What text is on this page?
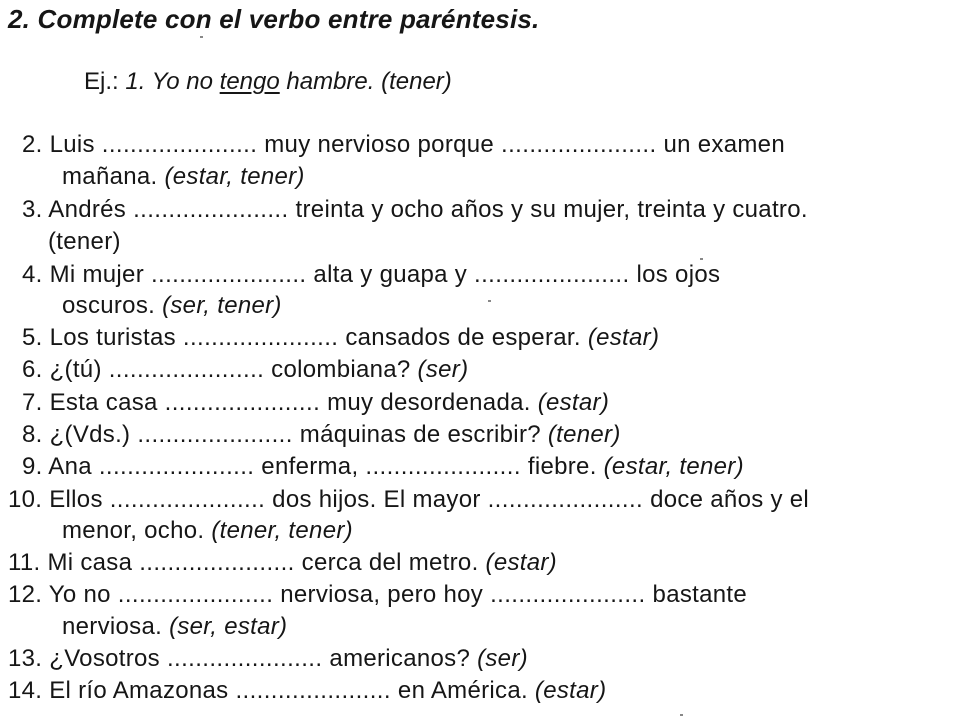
2. Complete con el verbo entre paréntesis.
Ej.: 1. Yo no tengo hambre. (tener)
2. Luis ...................... muy nervioso porque ...................... un examen
mañana. (estar, tener)
3. Andrés ...................... treinta y ocho años y su mujer, treinta y cuatro.
(tener)
4. Mi mujer ...................... alta y guapa y ...................... los ojos
oscuros. (ser, tener)
5. Los turistas ...................... cansados de esperar. (estar)
6. ¿(tú) ...................... colombiana? (ser)
7. Esta casa ...................... muy desordenada. (estar)
8. ¿(Vds.) ...................... máquinas de escribir? (tener)
9. Ana ...................... enferma, ...................... fiebre. (estar, tener)
10. Ellos ...................... dos hijos. El mayor ...................... doce años y el
menor, ocho. (tener, tener)
11. Mi casa ...................... cerca del metro. (estar)
12. Yo no ...................... nerviosa, pero hoy ...................... bastante
nerviosa. (ser, estar)
13. ¿Vosotros ...................... americanos? (ser)
14. El río Amazonas ...................... en América. (estar)
